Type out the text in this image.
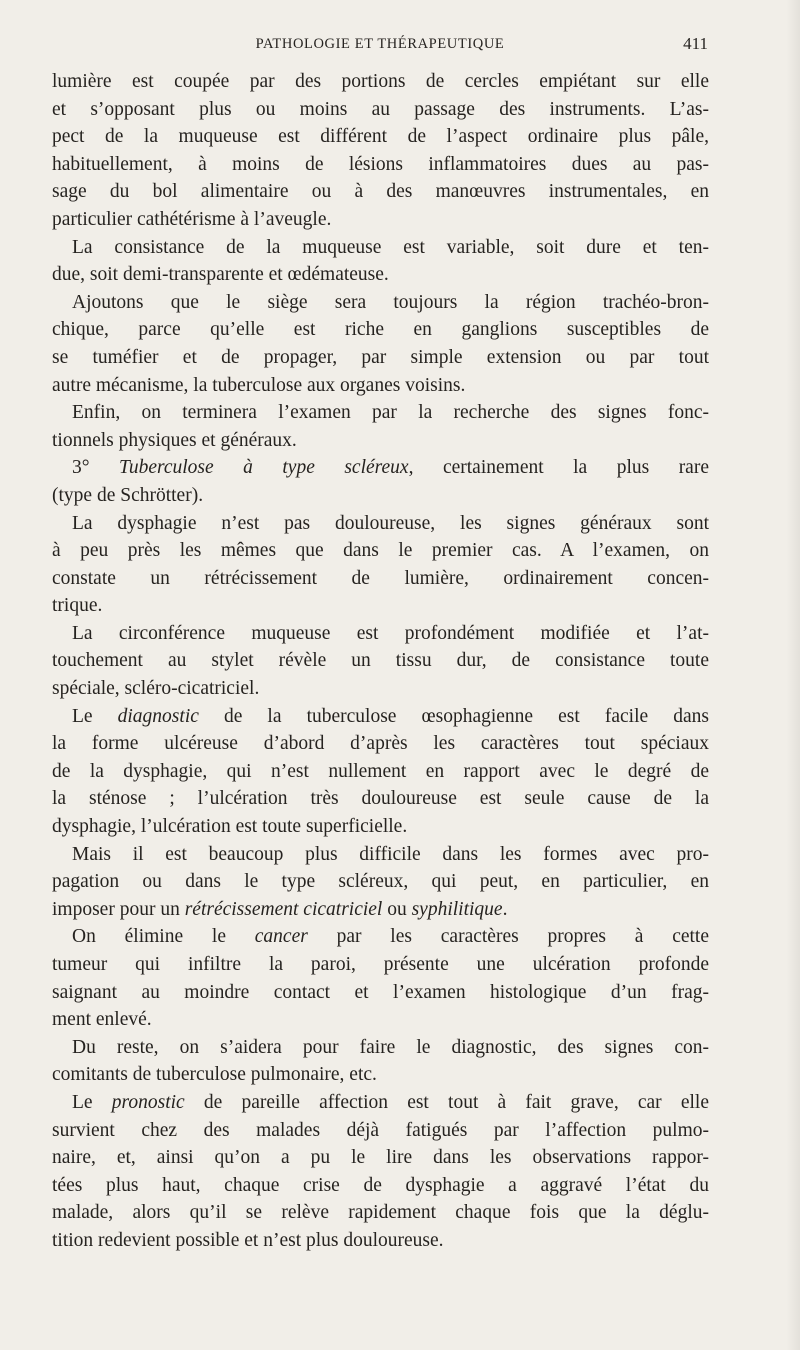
PATHOLOGIE ET THÉRAPEUTIQUE	411
lumière est coupée par des portions de cercles empiétant sur elle
et s’opposant plus ou moins au passage des instruments. L’as-
pect de la muqueuse est différent de l’aspect ordinaire plus pâle,
habituellement, à moins de lésions inflammatoires dues au pas-
sage du bol alimentaire ou à des manœuvres instrumentales, en
particulier cathétérisme à l’aveugle.
La consistance de la muqueuse est variable, soit dure et ten-
due, soit demi-transparente et œdémateuse.
Ajoutons que le siège sera toujours la région trachéo-bron-
chique, parce qu’elle est riche en ganglions susceptibles de
se tuméfier et de propager, par simple extension ou par tout
autre mécanisme, la tuberculose aux organes voisins.
Enfin, on terminera l’examen par la recherche des signes fonc-
tionnels physiques et généraux.
3° Tuberculose à type scléreux, certainement la plus rare
(type de Schrötter).
La dysphagie n’est pas douloureuse, les signes généraux sont
à peu près les mêmes que dans le premier cas. A l’examen, on
constate un rétrécissement de lumière, ordinairement concen-
trique.
La circonférence muqueuse est profondément modifiée et l’at-
touchement au stylet révèle un tissu dur, de consistance toute
spéciale, scléro-cicatriciel.
Le diagnostic de la tuberculose œsophagienne est facile dans
la forme ulcéreuse d’abord d’après les caractères tout spéciaux
de la dysphagie, qui n’est nullement en rapport avec le degré de
la sténose ; l’ulcération très douloureuse est seule cause de la
dysphagie, l’ulcération est toute superficielle.
Mais il est beaucoup plus difficile dans les formes avec pro-
pagation ou dans le type scléreux, qui peut, en particulier, en
imposer pour un rétrécissement cicatriciel ou syphilitique.
On élimine le cancer par les caractères propres à cette
tumeur qui infiltre la paroi, présente une ulcération profonde
saignant au moindre contact et l’examen histologique d’un frag-
ment enlevé.
Du reste, on s’aidera pour faire le diagnostic, des signes con-
comitants de tuberculose pulmonaire, etc.
Le pronostic de pareille affection est tout à fait grave, car elle
survient chez des malades déjà fatigués par l’affection pulmo-
naire, et, ainsi qu’on a pu le lire dans les observations rappor-
tées plus haut, chaque crise de dysphagie a aggravé l’état du
malade, alors qu’il se relève rapidement chaque fois que la déglu-
tition redevient possible et n’est plus douloureuse.
